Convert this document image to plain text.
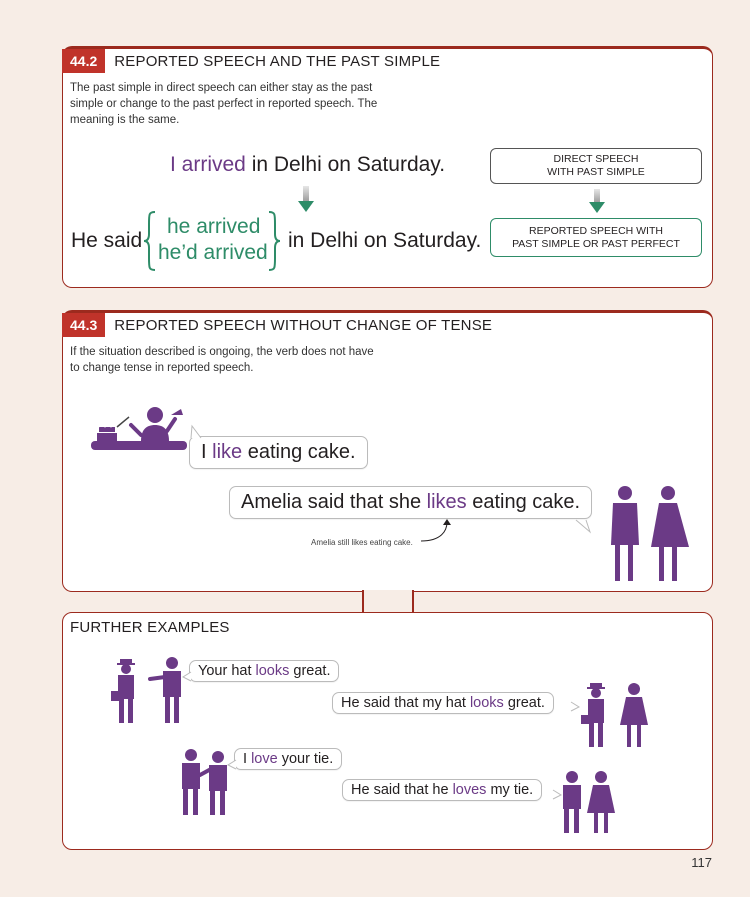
44.2	REPORTED SPEECH AND THE PAST SIMPLE
The past simple in direct speech can either stay as the past simple or change to the past perfect in reported speech. The meaning is the same.
I arrived in Delhi on Saturday.
He said
he arrived
he’d arrived
in Delhi on Saturday.
DIRECT SPEECH
WITH PAST SIMPLE
REPORTED SPEECH WITH
PAST SIMPLE OR PAST PERFECT
44.3	REPORTED SPEECH WITHOUT CHANGE OF TENSE
If the situation described is ongoing, the verb does not have to change tense in reported speech.
I like eating cake.
Amelia said that she likes eating cake.
Amelia still likes eating cake.
FURTHER EXAMPLES
Your hat looks great.
He said that my hat looks great.
I love your tie.
He said that he loves my tie.
117
